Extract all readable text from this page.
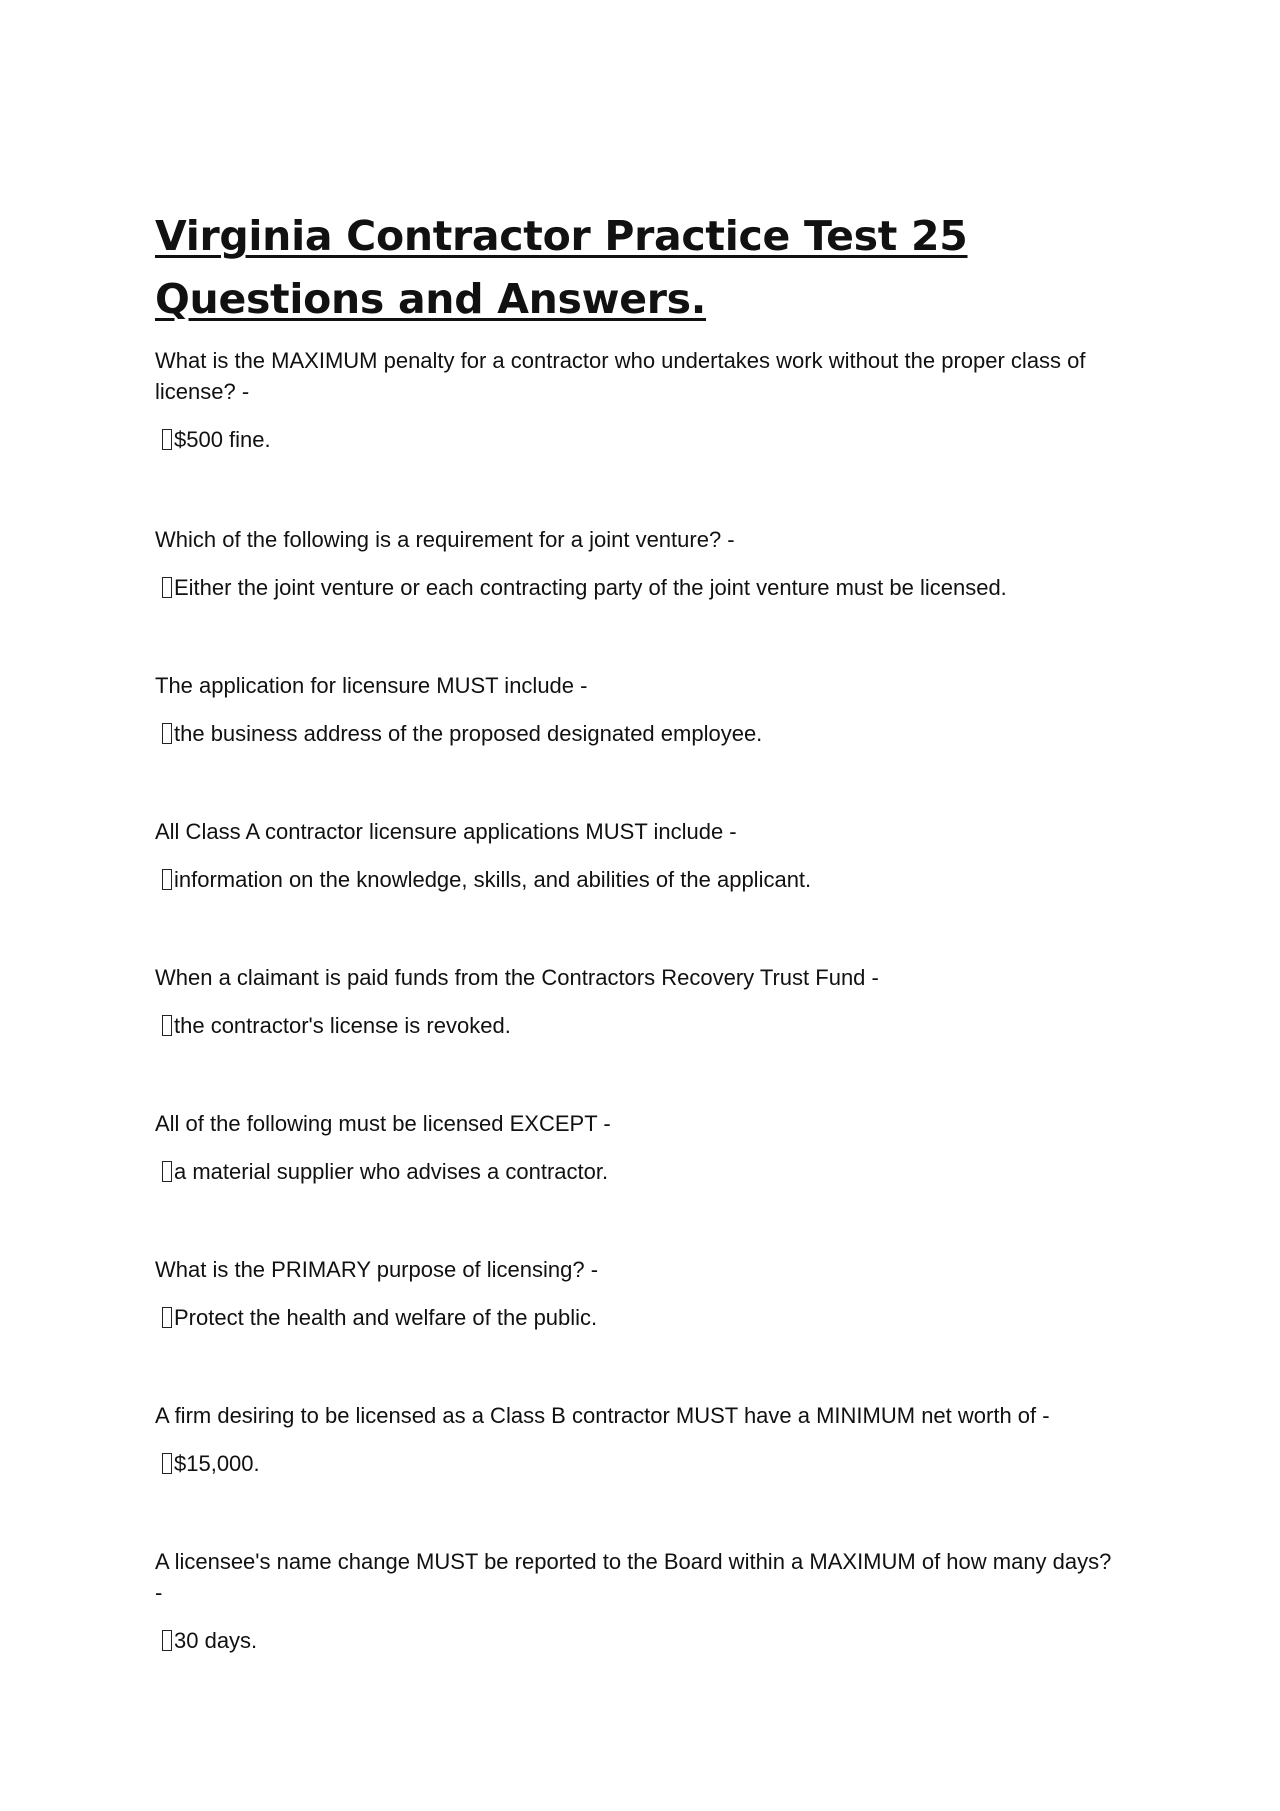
Virginia Contractor Practice Test 25 Questions and Answers.

What is the MAXIMUM penalty for a contractor who undertakes work without the proper class of license? -

$500 fine.

Which of the following is a requirement for a joint venture? -

Either the joint venture or each contracting party of the joint venture must be licensed.

The application for licensure MUST include -

the business address of the proposed designated employee.

All Class A contractor licensure applications MUST include -

information on the knowledge, skills, and abilities of the applicant.

When a claimant is paid funds from the Contractors Recovery Trust Fund -

the contractor's license is revoked.

All of the following must be licensed EXCEPT -

a material supplier who advises a contractor.

What is the PRIMARY purpose of licensing? -

Protect the health and welfare of the public.

A firm desiring to be licensed as a Class B contractor MUST have a MINIMUM net worth of -

$15,000.

A licensee's name change MUST be reported to the Board within a MAXIMUM of how many days? -

30 days.
